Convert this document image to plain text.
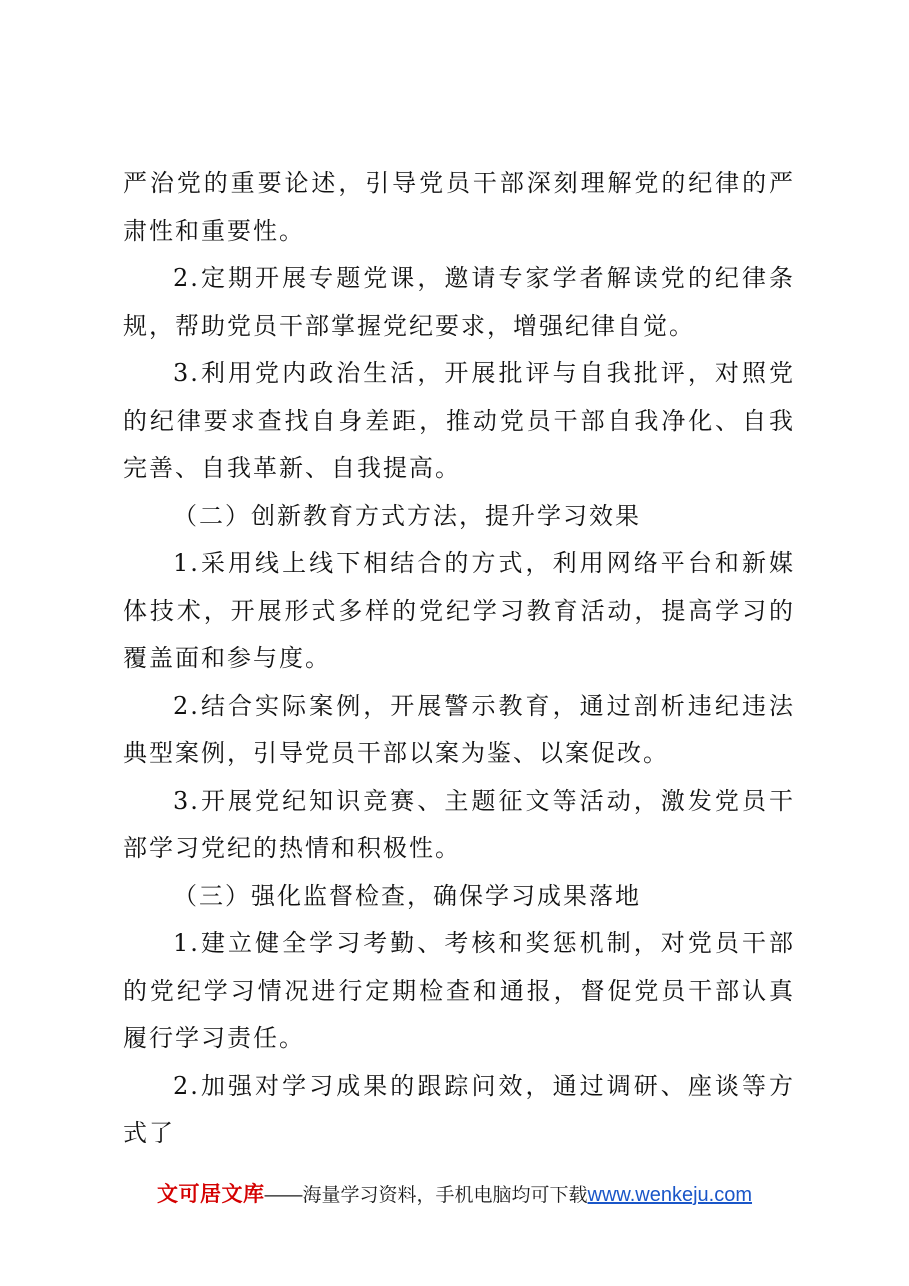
严治党的重要论述，引导党员干部深刻理解党的纪律的严肃性和重要性。

2.定期开展专题党课，邀请专家学者解读党的纪律条规，帮助党员干部掌握党纪要求，增强纪律自觉。

3.利用党内政治生活，开展批评与自我批评，对照党的纪律要求查找自身差距，推动党员干部自我净化、自我完善、自我革新、自我提高。

（二）创新教育方式方法，提升学习效果

1.采用线上线下相结合的方式，利用网络平台和新媒体技术，开展形式多样的党纪学习教育活动，提高学习的覆盖面和参与度。

2.结合实际案例，开展警示教育，通过剖析违纪违法典型案例，引导党员干部以案为鉴、以案促改。

3.开展党纪知识竞赛、主题征文等活动，激发党员干部学习党纪的热情和积极性。

（三）强化监督检查，确保学习成果落地

1.建立健全学习考勤、考核和奖惩机制，对党员干部的党纪学习情况进行定期检查和通报，督促党员干部认真履行学习责任。

2.加强对学习成果的跟踪问效，通过调研、座谈等方式了

文可居文库——海量学习资料，手机电脑均可下载www.wenkeju.com
